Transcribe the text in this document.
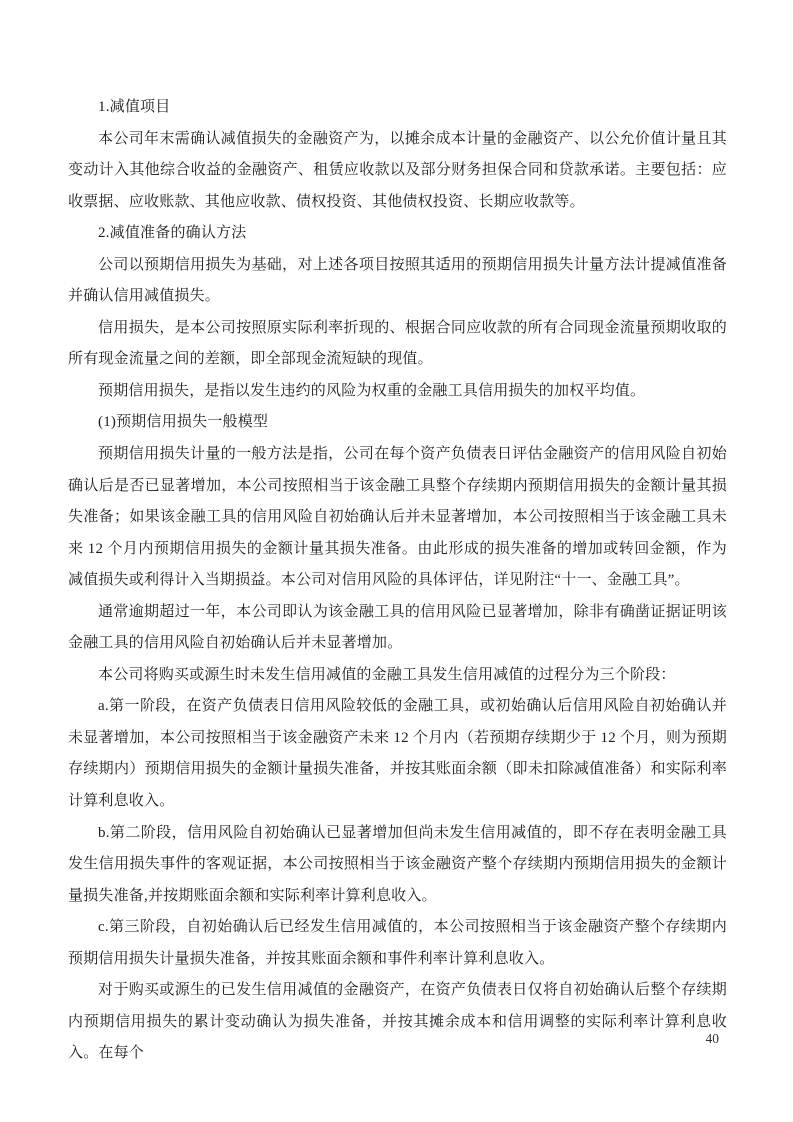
1.减值项目

本公司年末需确认减值损失的金融资产为，以摊余成本计量的金融资产、以公允价值计量且其变动计入其他综合收益的金融资产、租赁应收款以及部分财务担保合同和贷款承诺。主要包括：应收票据、应收账款、其他应收款、债权投资、其他债权投资、长期应收款等。

2.减值准备的确认方法

公司以预期信用损失为基础，对上述各项目按照其适用的预期信用损失计量方法计提减值准备并确认信用减值损失。

信用损失，是本公司按照原实际利率折现的、根据合同应收款的所有合同现金流量预期收取的所有现金流量之间的差额，即全部现金流短缺的现值。

预期信用损失，是指以发生违约的风险为权重的金融工具信用损失的加权平均值。

(1)预期信用损失一般模型

预期信用损失计量的一般方法是指，公司在每个资产负债表日评估金融资产的信用风险自初始确认后是否已显著增加，本公司按照相当于该金融工具整个存续期内预期信用损失的金额计量其损失准备；如果该金融工具的信用风险自初始确认后并未显著增加，本公司按照相当于该金融工具未来 12 个月内预期信用损失的金额计量其损失准备。由此形成的损失准备的增加或转回金额，作为减值损失或利得计入当期损益。本公司对信用风险的具体评估，详见附注“十一、金融工具”。

通常逾期超过一年，本公司即认为该金融工具的信用风险已显著增加，除非有确凿证据证明该金融工具的信用风险自初始确认后并未显著增加。

本公司将购买或源生时未发生信用减值的金融工具发生信用减值的过程分为三个阶段：

a.第一阶段，在资产负债表日信用风险较低的金融工具，或初始确认后信用风险自初始确认并未显著增加，本公司按照相当于该金融资产未来 12 个月内（若预期存续期少于 12 个月，则为预期存续期内）预期信用损失的金额计量损失准备，并按其账面余额（即未扣除减值准备）和实际利率计算利息收入。

b.第二阶段，信用风险自初始确认已显著增加但尚未发生信用减值的，即不存在表明金融工具发生信用损失事件的客观证据，本公司按照相当于该金融资产整个存续期内预期信用损失的金额计量损失准备,并按期账面余额和实际利率计算利息收入。

c.第三阶段，自初始确认后已经发生信用减值的，本公司按照相当于该金融资产整个存续期内预期信用损失计量损失准备，并按其账面余额和事件利率计算利息收入。

对于购买或源生的已发生信用减值的金融资产，在资产负债表日仅将自初始确认后整个存续期内预期信用损失的累计变动确认为损失准备，并按其摊余成本和信用调整的实际利率计算利息收入。在每个

40
